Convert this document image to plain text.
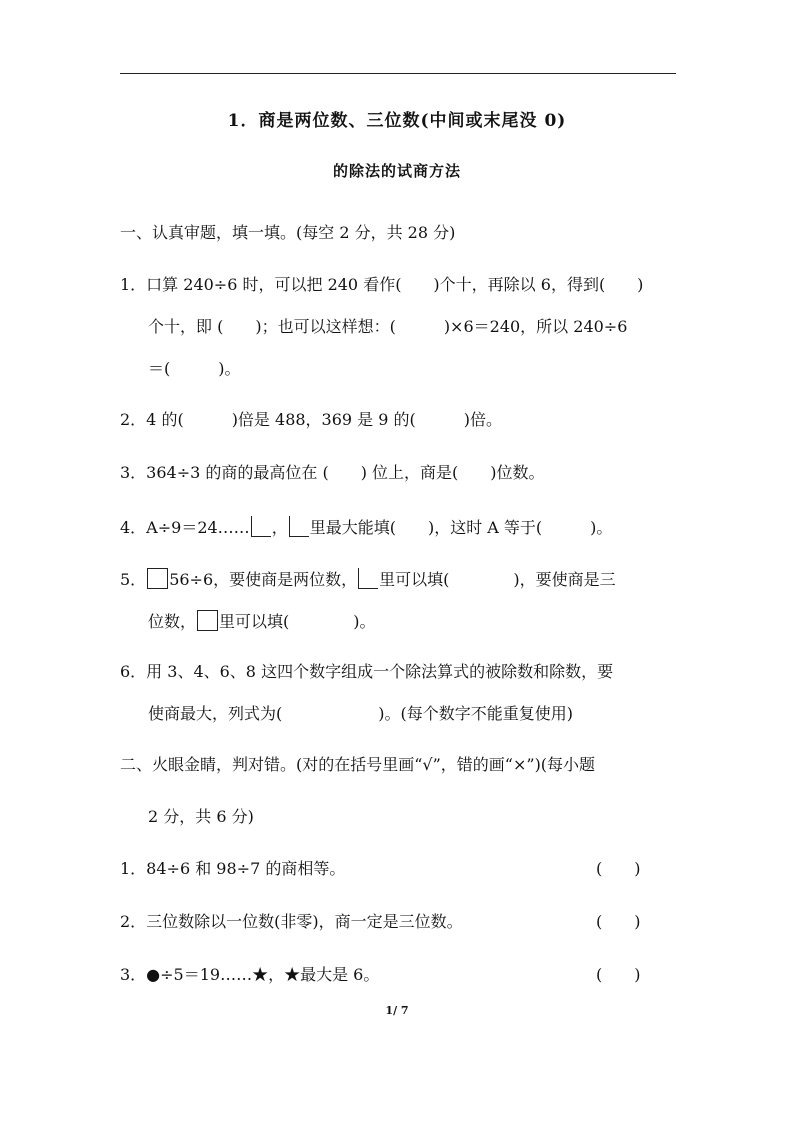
1．商是两位数、三位数(中间或末尾没 0)
的除法的试商方法
一、认真审题，填一填。(每空 2 分，共 28 分)
1．口算 240÷6 时，可以把 240 看作(　　)个十，再除以 6，得到(　　)
个十，即 (　　)；也可以这样想：(　　　)×6＝240，所以 240÷6
＝(　　　)。
2．4 的(　　　)倍是 488，369 是 9 的(　　　)倍。
3．364÷3 的商的最高位在 (　　) 位上，商是(　　)位数。
4．A÷9＝24…… ， 里最大能填(　　)，这时 A 等于(　　　)。
5． 56÷6，要使商是两位数， 里可以填(　　　　)，要使商是三
位数， 里可以填(　　　　)。
6．用 3、4、6、8 这四个数字组成一个除法算式的被除数和除数，要
使商最大，列式为(　　　　　　)。(每个数字不能重复使用)
二、火眼金睛，判对错。(对的在括号里画“√”，错的画“×”)(每小题
2 分，共 6 分)
1．84÷6 和 98÷7 的商相等。	(　　)
2．三位数除以一位数(非零)，商一定是三位数。	(　　)
3．●÷5＝19……★，★最大是 6。	(　　)
1/ 7
